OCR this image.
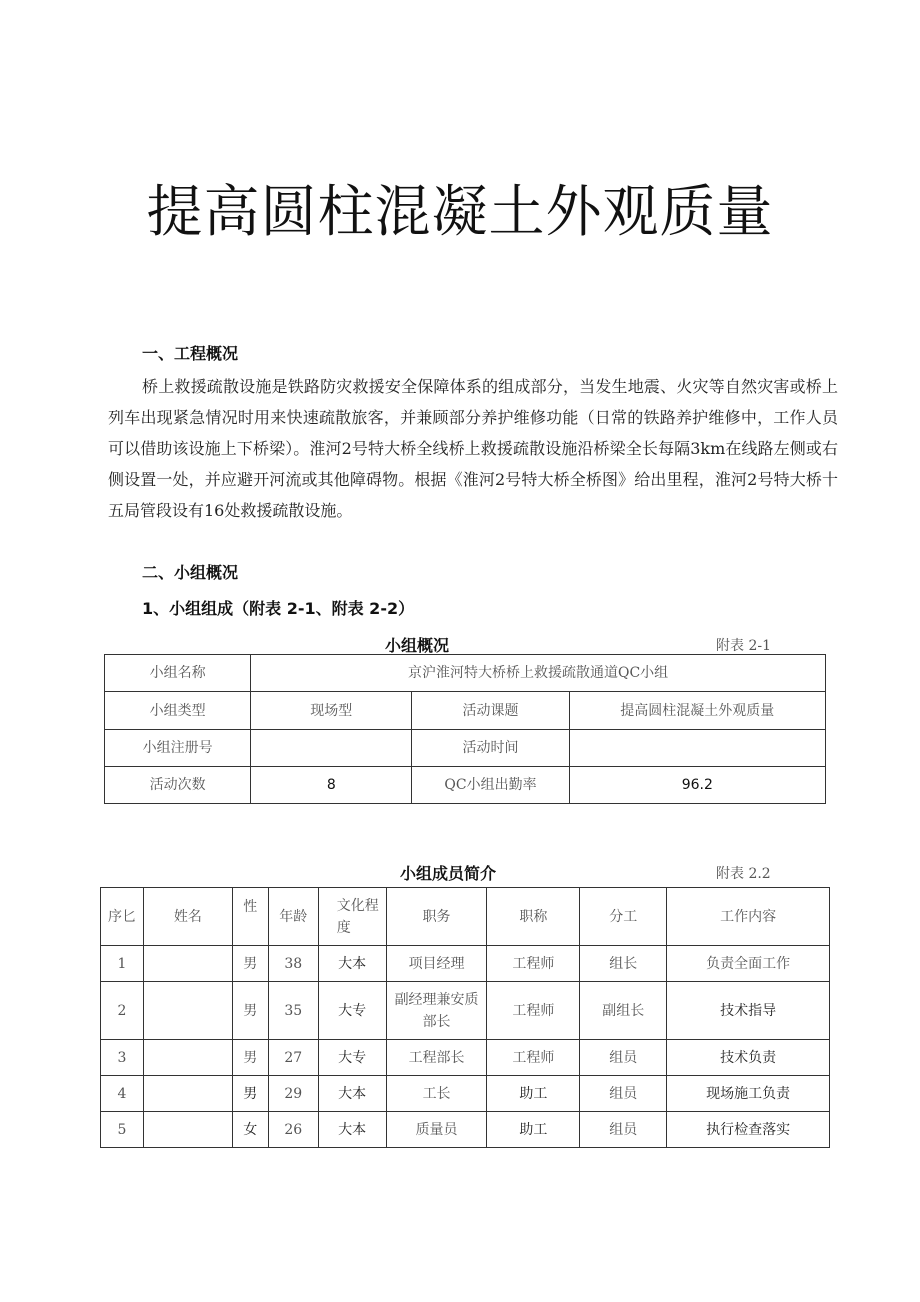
提高圆柱混凝土外观质量
一、工程概况
桥上救援疏散设施是铁路防灾救援安全保障体系的组成部分，当发生地震、火灾等自然灾害或桥上列车出现紧急情况时用来快速疏散旅客，并兼顾部分养护维修功能（日常的铁路养护维修中，工作人员可以借助该设施上下桥梁）。淮河2号特大桥全线桥上救援疏散设施沿桥梁全长每隔3km在线路左侧或右侧设置一处，并应避开河流或其他障碍物。根据《淮河2号特大桥全桥图》给出里程，淮河2号特大桥十五局管段设有16处救援疏散设施。
二、小组概况
1、小组组成（附表 2-1、附表 2-2）
小组概况	附表 2-1
小组名称	京沪淮河特大桥桥上救援疏散通道QC小组		
小组类型	现场型	活动课题	提高圆柱混凝土外观质量
小组注册号		活动时间	
活动次数	8	QC小组出勤率	96.2
小组成员简介	附表 2.2
序匕	姓名	性	年龄	文化程度	职务	职称	分工	工作内容
1		男	38	大本	项目经理	工程师	组长	负责全面工作
2		男	35	大专	副经理兼安质部长	工程师	副组长	技术指导
3		男	27	大专	工程部长	工程师	组员	技术负责
4		男	29	大本	工长	助工	组员	现场施工负责
5		女	26	大本	质量员	助工	组员	执行检查落实
